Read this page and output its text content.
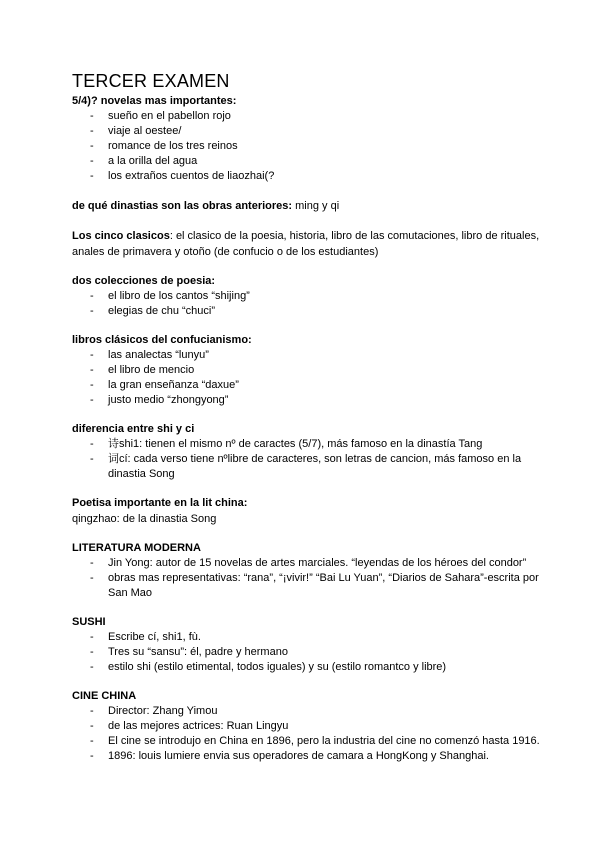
TERCER EXAMEN
5/4)? novelas mas importantes:
- sueño en el pabellon rojo
- viaje al oestee/
- romance de los tres reinos
- a la orilla del agua
- los extraños cuentos de liaozhai(?
de qué dinastias son las obras anteriores: ming y qi
Los cinco clasicos: el clasico de la poesia, historia, libro de las comutaciones, libro de rituales, anales de primavera y otoño (de confucio o de los estudiantes)
dos colecciones de poesia:
- el libro de los cantos “shijing”
- elegias de chu “chuci”
libros clásicos del confucianismo:
- las analectas “lunyu”
- el libro de mencio
- la gran enseñanza “daxue”
- justo medio “zhongyong”
diferencia entre shi y ci
- 诗shi1: tienen el mismo nº de caractes (5/7), más famoso en la dinastía Tang
- 词cí: cada verso tiene nºlibre de caracteres, son letras de cancion, más famoso en la dinastia Song
Poetisa importante en la lit china:
qingzhao: de la dinastia Song
LITERATURA MODERNA
- Jin Yong: autor de 15 novelas de artes marciales. “leyendas de los héroes del condor”
- obras mas representativas: “rana”, “¡vivir!” “Bai Lu Yuan”, “Diarios de Sahara”-escrita por San Mao
SUSHI
- Escribe cí, shi1, fù.
- Tres su “sansu”: él, padre y hermano
- estilo shi (estilo etimental, todos iguales) y su (estilo romantco y libre)
CINE CHINA
- Director: Zhang Yimou
- de las mejores actrices: Ruan Lingyu
- El cine se introdujo en China en 1896, pero la industria del cine no comenzó hasta 1916.
- 1896: louis lumiere envia sus operadores de camara a HongKong y Shanghai.
